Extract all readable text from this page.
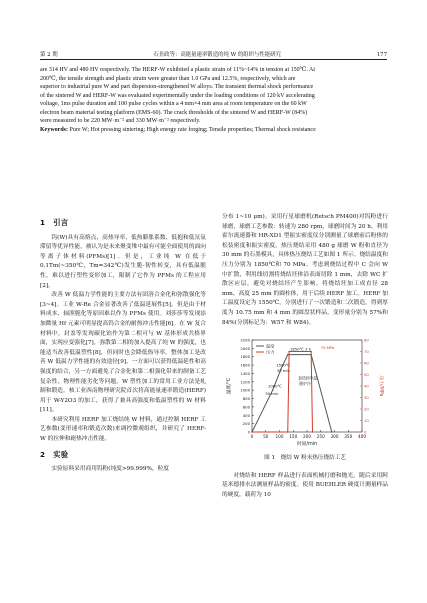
第 2 期	石韭政等：高能量速率锻造的纯 W 的组织与性能研究	177

are 314 HV and 480 HV respectively. The HERF-W exhibited a plastic strain of 11%~14% in tension at 150℃. At

200℃, the tensile strength and plastic strain were greater than 1.0 GPa and 12.5%, respectively, which are

superior to industrial pure W and part dispersion-strengthened W alloys. The transient thermal shock performance

of the sintered W and HERF-W was evaluated experimentally under the loading conditions of 120 kV accelerating

voltage, 1ms pulse duration and 100 pulse cycles within a 4 mm×4 mm area at room temperature on the 60 kW

electron beam material testing platform (EMS-60). The crack thresholds of the sintered W and HERF-W (84%)

were measured to be 220 MW·m⁻² and 330 MW·m⁻² respectively.

Keywords: Pure W; Hot pressing sintering; High energy rate forging; Tensile properties; Thermal shock resistance

1　引言

钨(W)具有高熔点、高热导率、低热膨胀系数、低抱和低氘氚滞留等优异性能，被认为是未来聚变堆中最有可能全面使用的面向等离子体材料(PFMs)[1]。但是，工业纯 W 在低于 0.1Tm(~350℃，Tm=342℃)发生脆-韧性转变，具有低温脆性，难以进行塑性变形加工，限制了它作为 PFMs 的工程应用[2]。

改善 W 低温力学性能的主要方法有固溶合金化和弥散强化等[3~4]。工业 W-Re 合金显著改善了低温延展性[5]，但是由于材料成本、辐照脆化等原因难以作为 PFMs 使用。刘莎莎等发现添加微量 Hf 元素可明显提高钨合金的耐热冲击性能[6]。在 W 复合材料中，封盖等发现碳化铂作为第二相可与 W 基体形成共格界面，实现应变强化[7]。弥散第二相的加入提高了纯 W 的强度，也能适当改善低温塑性[8]，但同时也会降低热导率。整体加工是改善 W 低温力学性能的有效途径[9]，一方面可以获得低温延性和高强度的结合，另一方面避免了合金化和第二相强化带来的制备工艺复杂性、物理性能劣化等问题。W 塑性加工的常用工业方法是轧制和锻造。核工业西南物理研究院首次将高能量速率锻造(HERF)用于 W-Y2O3 的加工，获得了兼具高强度和低温塑性的 W 材料[11]。

本研究利用 HERF 加工烧结纯 W 材料，通过控制 HERF 工艺参数(变形速率和锻造次数)来调控微观组织，并研究了 HERF-W 的拉伸和耐热冲击性能。

2　实验

实验原料采用商用钨粉(纯度>99.999%，粒度

分布 1~10 μm)。采用行星球磨机(Retsch PM400)对钨粉进行球磨，球磨工艺参数：转速为 280 rpm，球磨时间为 20 h。利用霍尔流速器和 HR-XD1 型振实密度仪分别测量了球磨前后粉体的松装密度和振实密度。热压烧结采用 480 g 球磨 W 粉和直径为 30 mm 的石墨模具，具体热压烧结工艺如图 1 所示。烧结温度和压力分别为 1850℃和 70 MPa。考虑到烧结过程中 C 会向 W 中扩散，利用线切割将烧结坯体沿表面切除 1 mm，去除 WC 扩散区应层，避免对烧结坯产生影响。将烧结坯加工成直径 28 mm、高度 25 mm 的圆柱体，用于后续 HERF 加工。HERF 加工温度设定为 1550℃，分别进行了一次锻造和二次锻造，得到厚度为 10.75 mm 和 4 mm 的圆盘状样品，变形量分别为 57%和 84%(分别标记为：W57 和 W84)。

0 50 100 150 200 250 300 350 400
0
200
400
600
800
1000
1200
1400
1600
1800
2000
2200
0
10
20
30
40
50
60
70
80
时间/min
温度/℃	压力/MPa
温度
压力
1000℃
30 min
1500℃
30 min
1850℃ 3 h	70 MPa
加热到中温
随炉冷
图 1　烧结 W 粉末热压烧结工艺

对烧结和 HERF 样品进行表面机械打磨和抛光，随后采用阿基米德排水法测量样品的密度。使用 BUEHLER 硬度计测量样品的硬度，载荷为 10
